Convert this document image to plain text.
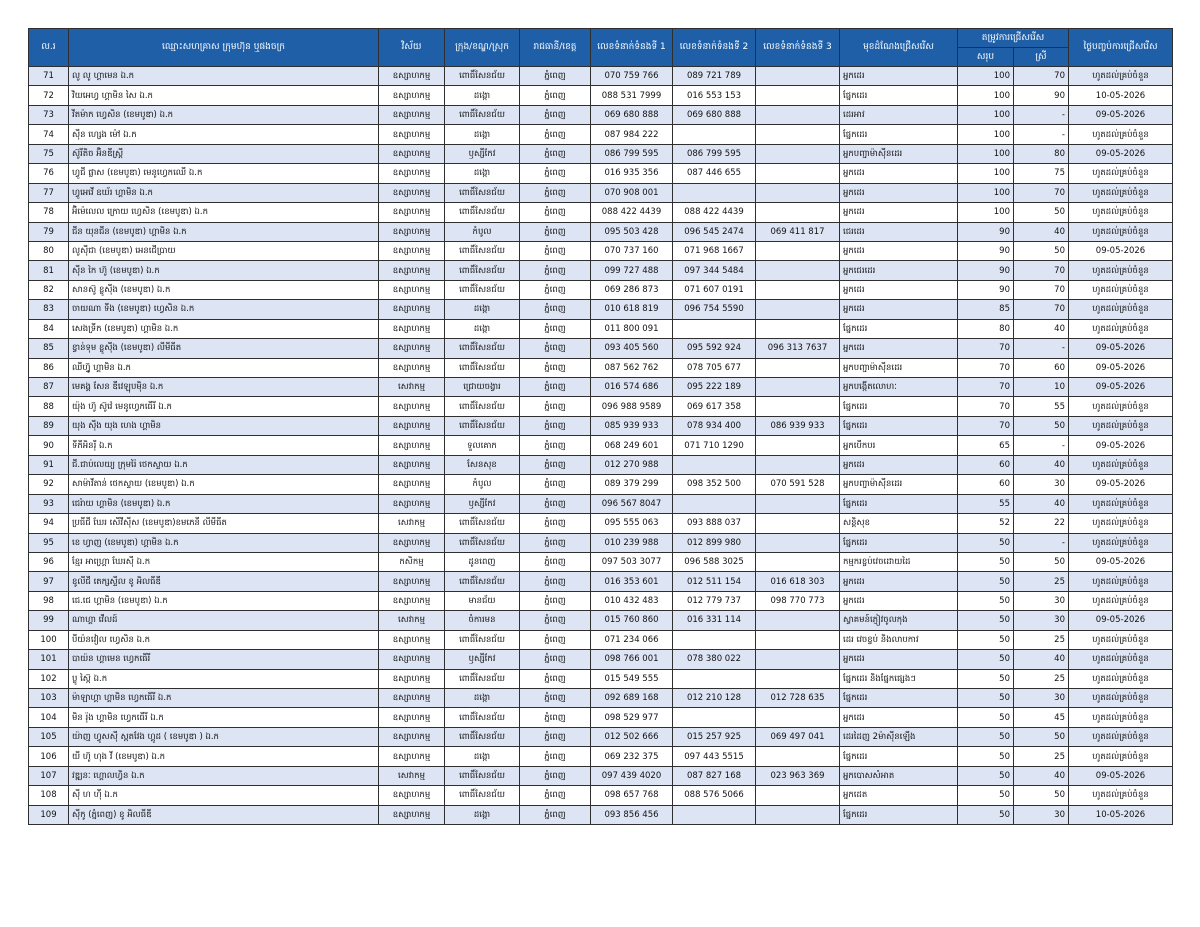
ល.រ	ឈ្មោះសហគ្រាស ក្រុមហ៊ុន ឬផងចក្រ	វិស័យ	ក្រុង/ខណ្ឌ/ស្រុក	រាជធានី/ខេត្ត	លេខទំនាក់ទំនងទី 1	លេខទំនាក់ទំនងទី 2	លេខទំនាក់ទំនងទី 3	មុខដំណែងជ្រើសរើស	តម្រូវការជ្រើសរើស		ថ្ងៃបញ្ចប់ការជ្រើសរើស
									សរុប	ស្រី	
71	លូ លូ ហ្គាមេន ឯ.ក	ឧស្សាហកម្ម	ពោធិ៍សែនជ័យ	ភ្នំពេញ	070 759 766	089 721 789		អ្នកដេរ	100	70	ហូតដល់គ្រប់ចំនួន
72	វិយអេហ្វ ហ្គាមិន សៃ ឯ.ក	ឧស្សាហកម្ម	ដង្កោ	ភ្នំពេញ	088 531 7999	016 553 153		ផ្នែកដេរ	100	90	10-05-2026
73	វីតម៉ាក ហ្វេសិន (ខេមបូឌា) ឯ.ក	ឧស្សាហកម្ម	ពោធិ៍សែនជ័យ	ភ្នំពេញ	069 680 888	069 680 888		ដេរអាវ	100	-	09-05-2026
74	ស៊ីន ហ្សេង ម៉ៅ ឯ.ក	ឧស្សាហកម្ម	ដង្កោ	ភ្នំពេញ	087 984 222			ផ្នែកដេរ	100	-	ហូតដល់គ្រប់ចំនួន
75	ស៊ូរីតិច អ៊ិនឌីស្ត្រី	ឧស្សាហកម្ម	ឫស្សីកែវ	ភ្នំពេញ	086 799 595	086 799 595		អ្នកបញ្ជាម៉ាស៊ីនដេរ	100	80	09-05-2026
76	ហ្វូជី ផ្លាស (ខេមបូឌា) មេនូហ្វេកឈើ ឯ.ក	ឧស្សាហកម្ម	ដង្កោ	ភ្នំពេញ	016 935 356	087 446 655		អ្នកដេរ	100	75	ហូតដល់គ្រប់ចំនួន
77	ហ្វូអេវើ ឧឃ័រ ហ្គាមិន ឯ.ក	ឧស្សាហកម្ម	ពោធិ៍សែនជ័យ	ភ្នំពេញ	070 908 001			អ្នកដេរ	100	70	ហូតដល់គ្រប់ចំនួន
78	អ៊ិម៉េលេល ក្រោយ ហ្វេសិន (ខេមបូឌា) ឯ.ក	ឧស្សាហកម្ម	ពោធិ៍សែនជ័យ	ភ្នំពេញ	088 422 4439	088 422 4439		អ្នកដេរ	100	50	ហូតដល់គ្រប់ចំនួន
79	ជីន យុនជីន (ខេមបូឌា) ហ្គាមិន ឯ.ក	ឧស្សាហកម្ម	កំបូល	ភ្នំពេញ	095 503 428	096 545 2474	069 411 817	ជេរដេរ	90	40	ហូតដល់គ្រប់ចំនួន
80	លូស៊ីជា (ខេមបូឌា) អេនជើប្រាយ	ឧស្សាហកម្ម	ពោធិ៍សែនជ័យ	ភ្នំពេញ	070 737 160	071 968 1667		អ្នកដេរ	90	50	09-05-2026
81	ស៊ីន កៃ ហ៊ូ (ខេមបូឌា) ឯ.ក	ឧស្សាហកម្ម	ពោធិ៍សែនជ័យ	ភ្នំពេញ	099 727 488	097 344 5484		អ្នកជេរដេរ	90	70	ហូតដល់គ្រប់ចំនួន
82	សានស៊ូ ខ្លូស៊ីង (ខេមបូឌា) ឯ.ក	ឧស្សាហកម្ម	ពោធិ៍សែនជ័យ	ភ្នំពេញ	069 286 873	071 607 0191		អ្នកដេរ	90	70	ហូតដល់គ្រប់ចំនួន
83	ចាយណា ទីង (ខេមបូឌា) ហ្វេសិន ឯ.ក	ឧស្សាហកម្ម	ដង្កោ	ភ្នំពេញ	010 618 819	096 754 5590		អ្នកដេរ	85	70	ហូតដល់គ្រប់ចំនួន
84	សេងទ្រីក (ខេមបូឌា) ហ្គាមិន ឯ.ក	ឧស្សាហកម្ម	ដង្កោ	ភ្នំពេញ	011 800 091			ផ្នែកដេរ	80	40	ហូតដល់គ្រប់ចំនួន
85	ខ្វាន់ទុម ខ្លូស៊ីង (ខេមបូឌា) លីមីធីត	ឧស្សាហកម្ម	ពោធិ៍សែនជ័យ	ភ្នំពេញ	093 405 560	095 592 924	096 313 7637	អ្នកដេរ	70	-	09-05-2026
86	ឈីហ្វ៊ូ ហ្គាមិន ឯ.ក	ឧស្សាហកម្ម	ពោធិ៍សែនជ័យ	ភ្នំពេញ	087 562 762	078 705 677		អ្នកបញ្ជាម៉ាស៊ីនដេរ	70	60	09-05-2026
87	មេគង្គ សែន ឌីវេឡុបម៉ិន ឯ.ក	សេវាកម្ម	ជ្រោយចង្វារ	ភ្នំពេញ	016 574 686	095 222 189		អ្នកបង្កើតលោហៈ	70	10	09-05-2026
88	យ៉ុង ហ៊ូ ស៊ូវ៉េ មេនូហ្វេកធើរី ឯ.ក	ឧស្សាហកម្ម	ពោធិ៍សែនជ័យ	ភ្នំពេញ	096 988 9589	069 617 358		ផ្នែកដេរ	70	55	ហូតដល់គ្រប់ចំនួន
89	យុង ស៊ីង យុង ហេង ហ្គាមិន	ឧស្សាហកម្ម	ពោធិ៍សែនជ័យ	ភ្នំពេញ	085 939 933	078 934 400	086 939 933	ផ្នែកដេរ	70	50	ហូតដល់គ្រប់ចំនួន
90	ទីភីអិនរ៉ី ឯ.ក	ឧស្សាហកម្ម	ទួលគោក	ភ្នំពេញ	068 249 601	071 710 1290		អ្នកបើកបរ	65	-	09-05-2026
91	ជី.ជាប់លេយ្យ ក្រុមរ៉ៃ ថេកស្ទាយ ឯ.ក	ឧស្សាហកម្ម	សែនសុខ	ភ្នំពេញ	012 270 988			អ្នកដេរ	60	40	ហូតដល់គ្រប់ចំនួន
92	សាម៉ាវីតាន់ ថេកស្ទាយ (ខេមបូឌា) ឯ.ក	ឧស្សាហកម្ម	កំបូល	ភ្នំពេញ	089 379 299	098 352 500	070 591 528	អ្នកបញ្ជាម៉ាស៊ីនដេរ	60	30	09-05-2026
93	ជេរ៉ាយ ហ្គាមិន (ខេមបូឌា) ឯ.ក	ឧស្សាហកម្ម	ឫស្សីកែវ	ភ្នំពេញ	096 567 8047			ផ្នែកដេរ	55	40	ហូតដល់គ្រប់ចំនួន
94	ប្រធីជី ឃែរ សើវីស៊ីស (ខេមបូឌា)ខមភេនី លីមីធីត	សេវាកម្ម	ពោធិ៍សែនជ័យ	ភ្នំពេញ	095 555 063	093 888 037		សន្តិសុខ	52	22	ហូតដល់គ្រប់ចំនួន
95	ខេ ហ្វាញ (ខេមបូឌា) ហ្គាមិន ឯ.ក	ឧស្សាហកម្ម	ពោធិ៍សែនជ័យ	ភ្នំពេញ	010 239 988	012 899 980		ផ្នែកដេរ	50	-	ហូតដល់គ្រប់ចំនួន
96	ខ្មែរ អាហ្គ្រោ ឃែរស៊ី ឯ.ក	កសិកម្ម	ដូនពេញ	ភ្នំពេញ	097 503 3077	096 588 3025		កម្មករខ្ចប់វេចដោយដៃ	50	50	09-05-2026
97	ខូលីជី តេក្សស្ទីល ខូ អិលធីឌី	ឧស្សាហកម្ម	ពោធិ៍សែនជ័យ	ភ្នំពេញ	016 353 601	012 511 154	016 618 303	អ្នកដេរ	50	25	ហូតដល់គ្រប់ចំនួន
98	ជេ.ជេ ហ្គាមិន (ខេមបូឌា) ឯ.ក	ឧស្សាហកម្ម	មានជ័យ	ភ្នំពេញ	010 432 483	012 779 737	098 770 773	អ្នកដេរ	50	30	ហូតដល់គ្រប់ចំនួន
99	ណាហ្គា វើលដ៍	សេវាកម្ម	ចំការមន	ភ្នំពេញ	015 760 860	016 331 114		ស្វាគមន៍ភ្ញៀវចូលកុង	50	30	09-05-2026
100	បីយ៉នវៀល ហ្វេសិន ឯ.ក	ឧស្សាហកម្ម	ពោធិ៍សែនជ័យ	ភ្នំពេញ	071 234 066			ដេរ វេចខ្ចប់ និងលាបកាវ	50	25	ហូតដល់គ្រប់ចំនួន
101	បាយ៉ន ហ្គាមេន ហ្វេកធើរី	ឧស្សាហកម្ម	ឫស្សីកែវ	ភ្នំពេញ	098 766 001	078 380 022		អ្នកដេរ	50	40	ហូតដល់គ្រប់ចំនួន
102	ប្លូ ស៊្កៃ ឯ.ក	ឧស្សាហកម្ម	ពោធិ៍សែនជ័យ	ភ្នំពេញ	015 549 555			ផ្នែកដេរ និងផ្នែកផ្សេងៗ	50	25	ហូតដល់គ្រប់ចំនួន
103	ម៉ាឡាហ្គា ហ្គាមិន ហ្វេកធើរី ឯ.ក	ឧស្សាហកម្ម	ដង្កោ	ភ្នំពេញ	092 689 168	012 210 128	012 728 635	ផ្នែកដេរ	50	30	ហូតដល់គ្រប់ចំនួន
104	មិន រ៉ុង ហ្គាមិន ហ្វេកធើរី ឯ.ក	ឧស្សាហកម្ម	ពោធិ៍សែនជ័យ	ភ្នំពេញ	098 529 977			អ្នកដេរ	50	45	ហូតដល់គ្រប់ចំនួន
105	យ៉ាញ ហ្វូសស៊ី ស្ពតវែង ហ្គូដ ( ខេមបូឌា ) ឯ.ក	ឧស្សាហកម្ម	ពោធិ៍សែនជ័យ	ភ្នំពេញ	012 502 666	015 257 925	069 497 041	ដេរដៃញ 2ម៉ាស៊ីនឡើង	50	50	ហូតដល់គ្រប់ចំនួន
106	យី ហ៊ូ ហុង វី (ខេមបូឌា) ឯ.ក	ឧស្សាហកម្ម	ដង្កោ	ភ្នំពេញ	069 232 375	097 443 5515		ផ្នែកដេរ	50	25	ហូតដល់គ្រប់ចំនួន
107	វឌ្ឍនៈ ហ្គោលហ្វិន ឯ.ក	សេវាកម្ម	ពោធិ៍សែនជ័យ	ភ្នំពេញ	097 439 4020	087 827 168	023 963 369	អ្នកបោសសំអាត	50	40	09-05-2026
108	ស៊ី ហ ហ៊ី ឯ.ក	ឧស្សាហកម្ម	ពោធិ៍សែនជ័យ	ភ្នំពេញ	098 657 768	088 576 5066		អ្នកដេត	50	50	ហូតដល់គ្រប់ចំនួន
109	ស៊ីកូ (ភ្នំពេញ) ខូ អិលធីឌី	ឧស្សាហកម្ម	ដង្កោ	ភ្នំពេញ	093 856 456			ផ្នែកដេរ	50	30	10-05-2026
